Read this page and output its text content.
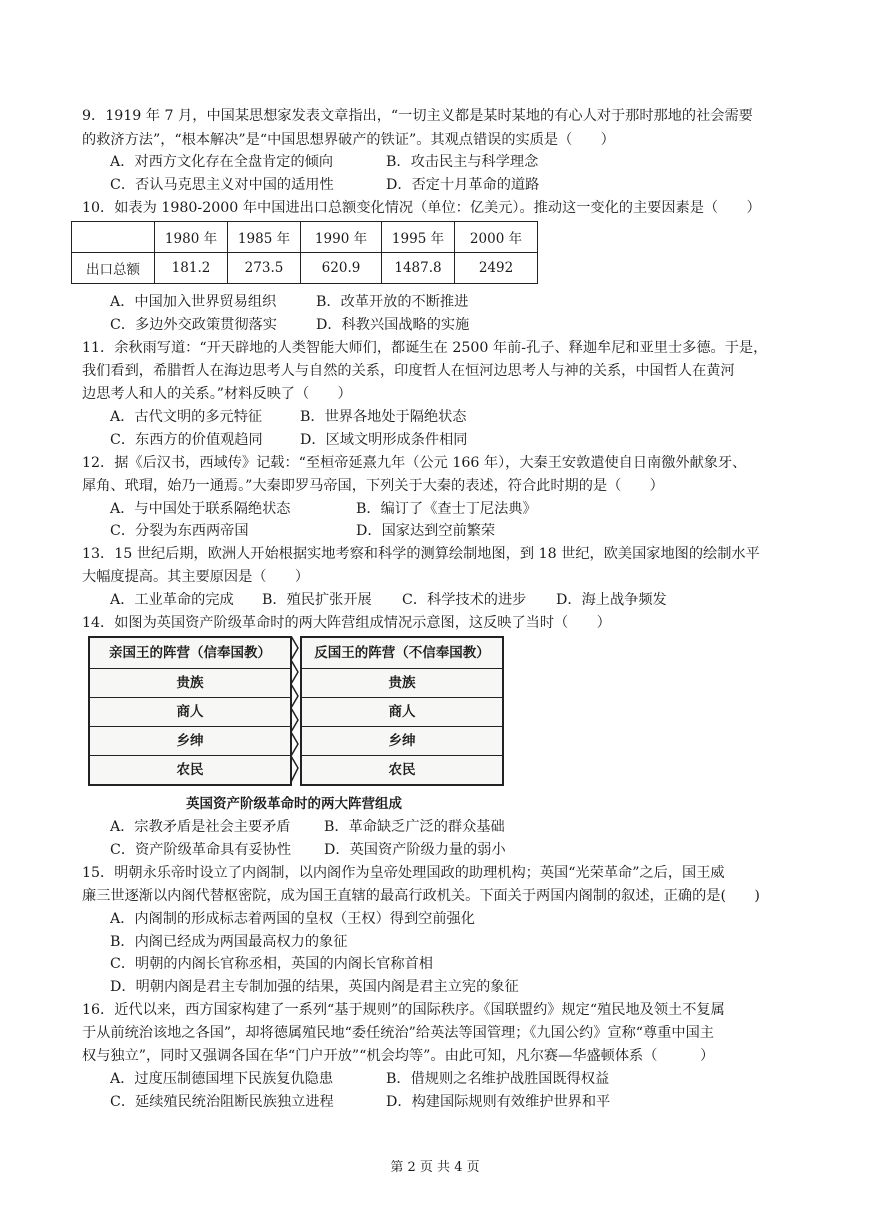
9．1919 年 7 月，中国某思想家发表文章指出，“一切主义都是某时某地的有心人对于那时那地的社会需要
的救济方法”，“根本解决”是“中国思想界破产的铁证”。其观点错误的实质是（　　）
A．对西方文化存在全盘肯定的倾向	B．攻击民主与科学理念
C．否认马克思主义对中国的适用性	D．否定十月革命的道路
10．如表为 1980-2000 年中国进出口总额变化情况（单位：亿美元）。推动这一变化的主要因素是（　　）
	1980 年	1985 年	1990 年	1995 年	2000 年
出口总额	181.2	273.5	620.9	1487.8	2492
A．中国加入世界贸易组织	B．改革开放的不断推进
C．多边外交政策贯彻落实	D．科教兴国战略的实施
11．余秋雨写道：“开天辟地的人类智能大师们，都诞生在 2500 年前-孔子、释迦牟尼和亚里士多德。于是，
我们看到，希腊哲人在海边思考人与自然的关系，印度哲人在恒河边思考人与神的关系，中国哲人在黄河
边思考人和人的关系。”材料反映了（　　）
A．古代文明的多元特征	B．世界各地处于隔绝状态
C．东西方的价值观趋同	D．区域文明形成条件相同
12．据《后汉书，西域传》记载：“至桓帝延熹九年（公元 166 年），大秦王安敦遣使自日南徼外献象牙、
犀角、玳瑁，始乃一通焉。”大秦即罗马帝国，下列关于大秦的表述，符合此时期的是（　　）
A．与中国处于联系隔绝状态	B．编订了《查士丁尼法典》
C．分裂为东西两帝国	D．国家达到空前繁荣
13．15 世纪后期，欧洲人开始根据实地考察和科学的测算绘制地图，到 18 世纪，欧美国家地图的绘制水平
大幅度提高。其主要原因是（　　）
A．工业革命的完成 B．殖民扩张开展 C．科学技术的进步 D．海上战争频发
14．如图为英国资产阶级革命时的两大阵营组成情况示意图，这反映了当时（　　）
亲国王的阵营（信奉国教）
贵族
商人
乡绅
农民
反国王的阵营（不信奉国教）
贵族
商人
乡绅
农民
英国资产阶级革命时的两大阵营组成
A．宗教矛盾是社会主要矛盾 B．革命缺乏广泛的群众基础
C．资产阶级革命具有妥协性 D．英国资产阶级力量的弱小
15．明朝永乐帝时设立了内阁制，以内阁作为皇帝处理国政的助理机构；英国“光荣革命”之后，国王威
廉三世逐渐以内阁代替枢密院，成为国王直辖的最高行政机关。下面关于两国内阁制的叙述，正确的是(　　)
A．内阁制的形成标志着两国的皇权（王权）得到空前强化
B．内阁已经成为两国最高权力的象征
C．明朝的内阁长官称丞相，英国的内阁长官称首相
D．明朝内阁是君主专制加强的结果，英国内阁是君主立宪的象征
16．近代以来，西方国家构建了一系列“基于规则”的国际秩序。《国联盟约》规定“殖民地及领土不复属
于从前统治该地之各国”，却将德属殖民地“委任统治”给英法等国管理；《九国公约》宣称“尊重中国主
权与独立”，同时又强调各国在华“门户开放”“机会均等”。由此可知，凡尔赛—华盛顿体系（　　　）
A．过度压制德国埋下民族复仇隐患	B．借规则之名维护战胜国既得权益
C．延续殖民统治阻断民族独立进程	D．构建国际规则有效维护世界和平
第 2 页 共 4 页
